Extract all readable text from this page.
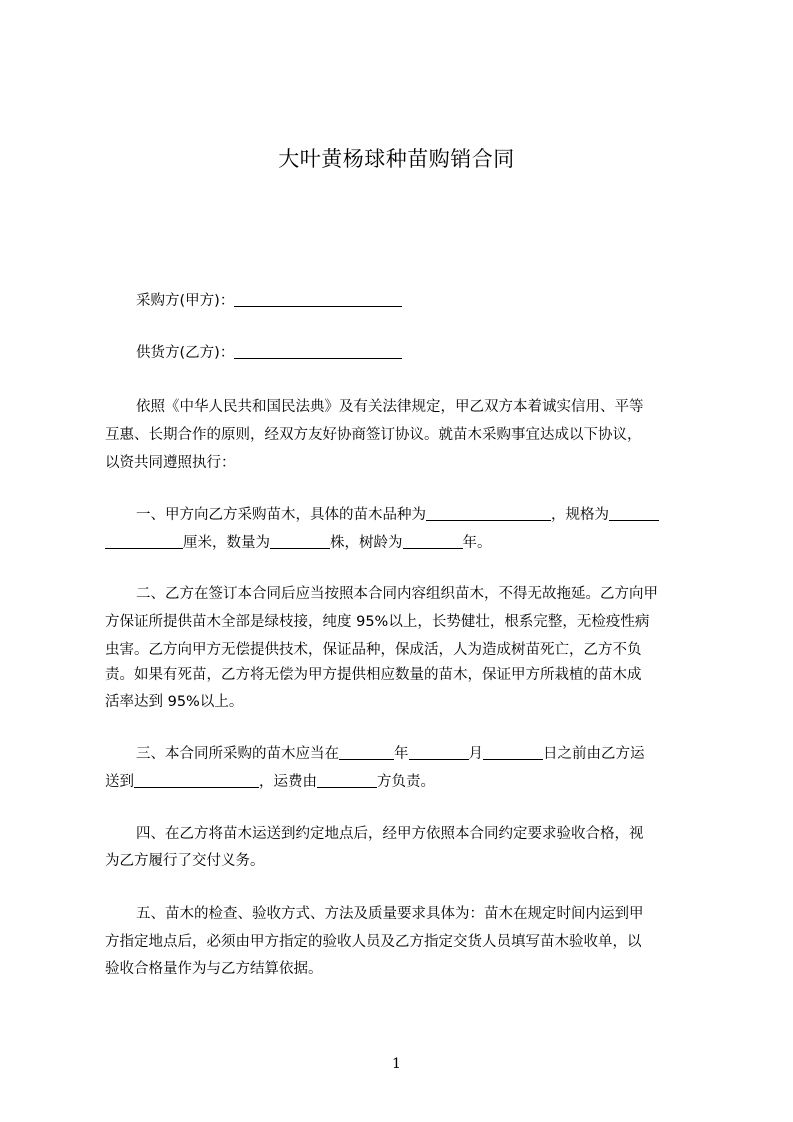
大叶黄杨球种苗购销合同
采购方(甲方)：
供货方(乙方)：
依照《中华人民共和国民法典》及有关法律规定，甲乙双方本着诚实信用、平等
互惠、长期合作的原则，经双方友好协商签订协议。就苗木采购事宜达成以下协议，
以资共同遵照执行：
一、甲方向乙方采购苗木，具体的苗木品种为	，规格为
厘米，数量为	株，树龄为	年。
二、乙方在签订本合同后应当按照本合同内容组织苗木，不得无故拖延。乙方向甲
方保证所提供苗木全部是绿枝接，纯度 95%以上，长势健壮，根系完整，无检疫性病
虫害。乙方向甲方无偿提供技术，保证品种，保成活，人为造成树苗死亡，乙方不负
责。如果有死苗，乙方将无偿为甲方提供相应数量的苗木，保证甲方所栽植的苗木成
活率达到 95%以上。
三、本合同所采购的苗木应当在	年	月	日之前由乙方运
送到	，运费由	方负责。
四、在乙方将苗木运送到约定地点后，经甲方依照本合同约定要求验收合格，视
为乙方履行了交付义务。
五、苗木的检查、验收方式、方法及质量要求具体为：苗木在规定时间内运到甲
方指定地点后，必须由甲方指定的验收人员及乙方指定交货人员填写苗木验收单，以
验收合格量作为与乙方结算依据。
1
